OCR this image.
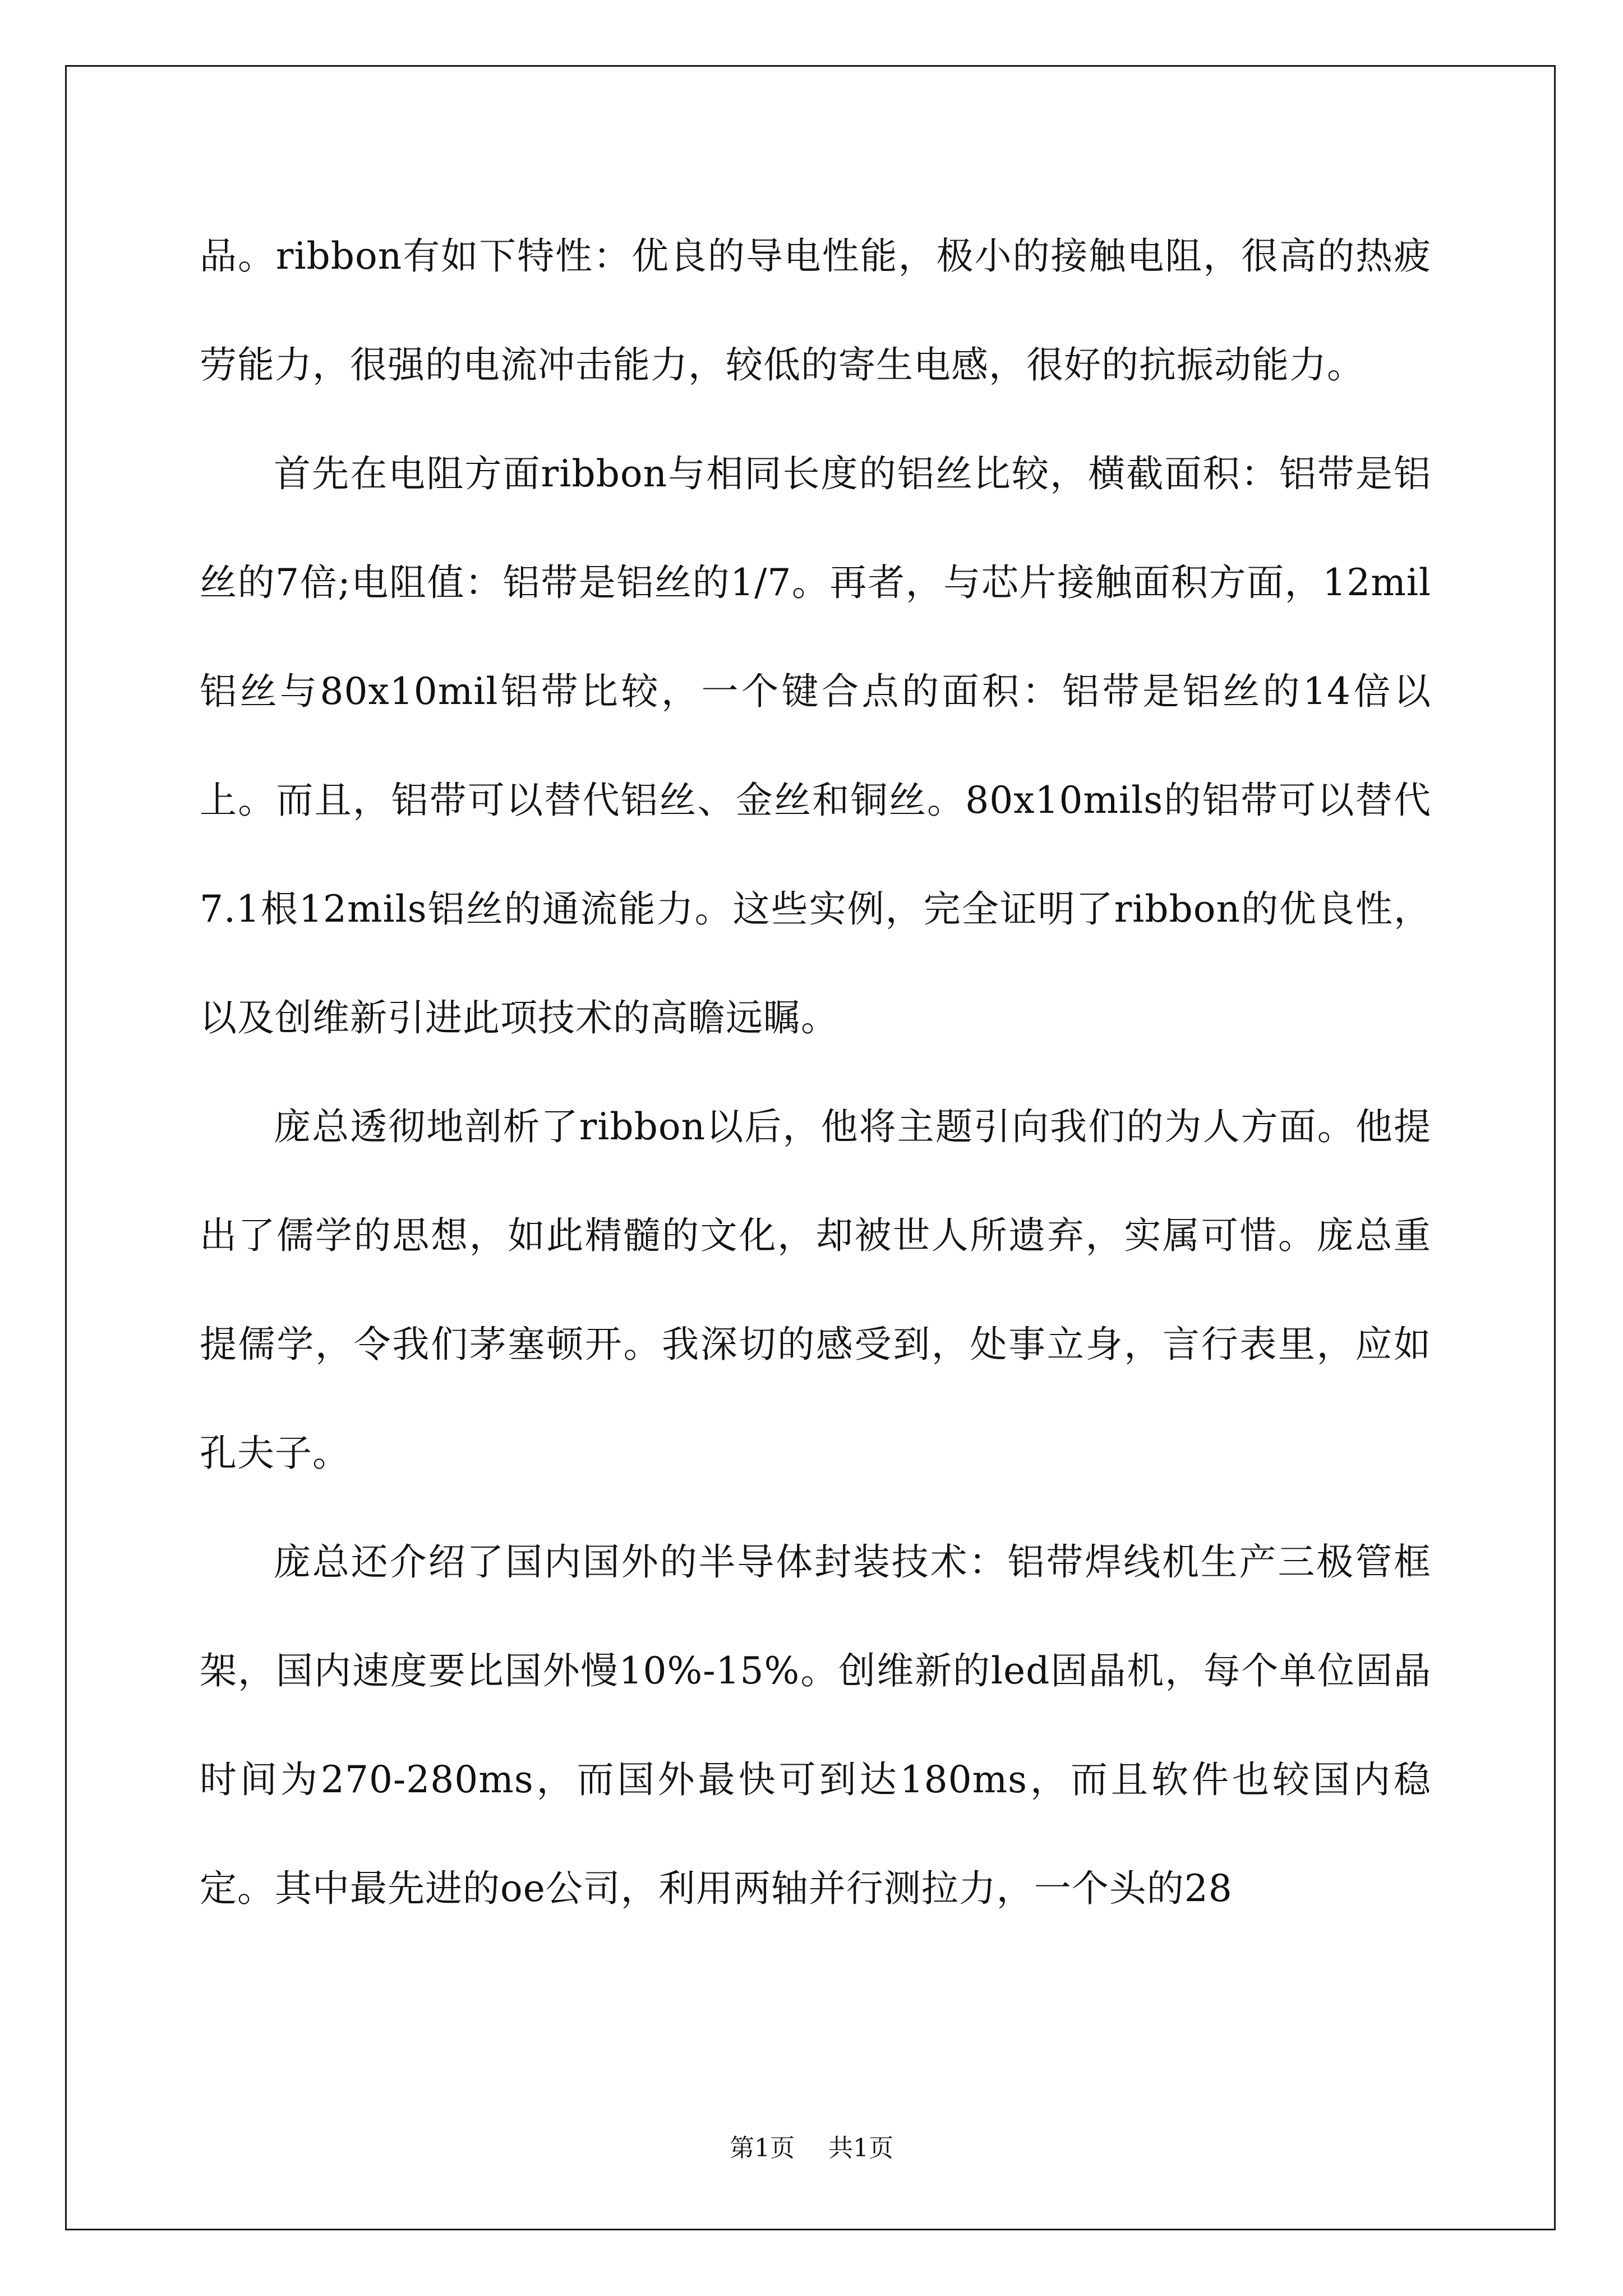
品。ribbon有如下特性：优良的导电性能，极小的接触电阻，很高的热疲劳能力，很强的电流冲击能力，较低的寄生电感，很好的抗振动能力。

首先在电阻方面ribbon与相同长度的铝丝比较，横截面积：铝带是铝丝的7倍;电阻值：铝带是铝丝的1/7。再者，与芯片接触面积方面，12mil铝丝与80x10mil铝带比较，一个键合点的面积：铝带是铝丝的14倍以上。而且，铝带可以替代铝丝、金丝和铜丝。80x10mils的铝带可以替代7.1根12mils铝丝的通流能力。这些实例，完全证明了ribbon的优良性，以及创维新引进此项技术的高瞻远瞩。

庞总透彻地剖析了ribbon以后，他将主题引向我们的为人方面。他提出了儒学的思想，如此精髓的文化，却被世人所遗弃，实属可惜。庞总重提儒学，令我们茅塞顿开。我深切的感受到，处事立身，言行表里，应如孔夫子。

庞总还介绍了国内国外的半导体封装技术：铝带焊线机生产三极管框架，国内速度要比国外慢10%-15%。创维新的led固晶机，每个单位固晶时间为270-280ms，而国外最快可到达180ms，而且软件也较国内稳定。其中最先进的oe公司，利用两轴并行测拉力，一个头的28

第1页 共1页
